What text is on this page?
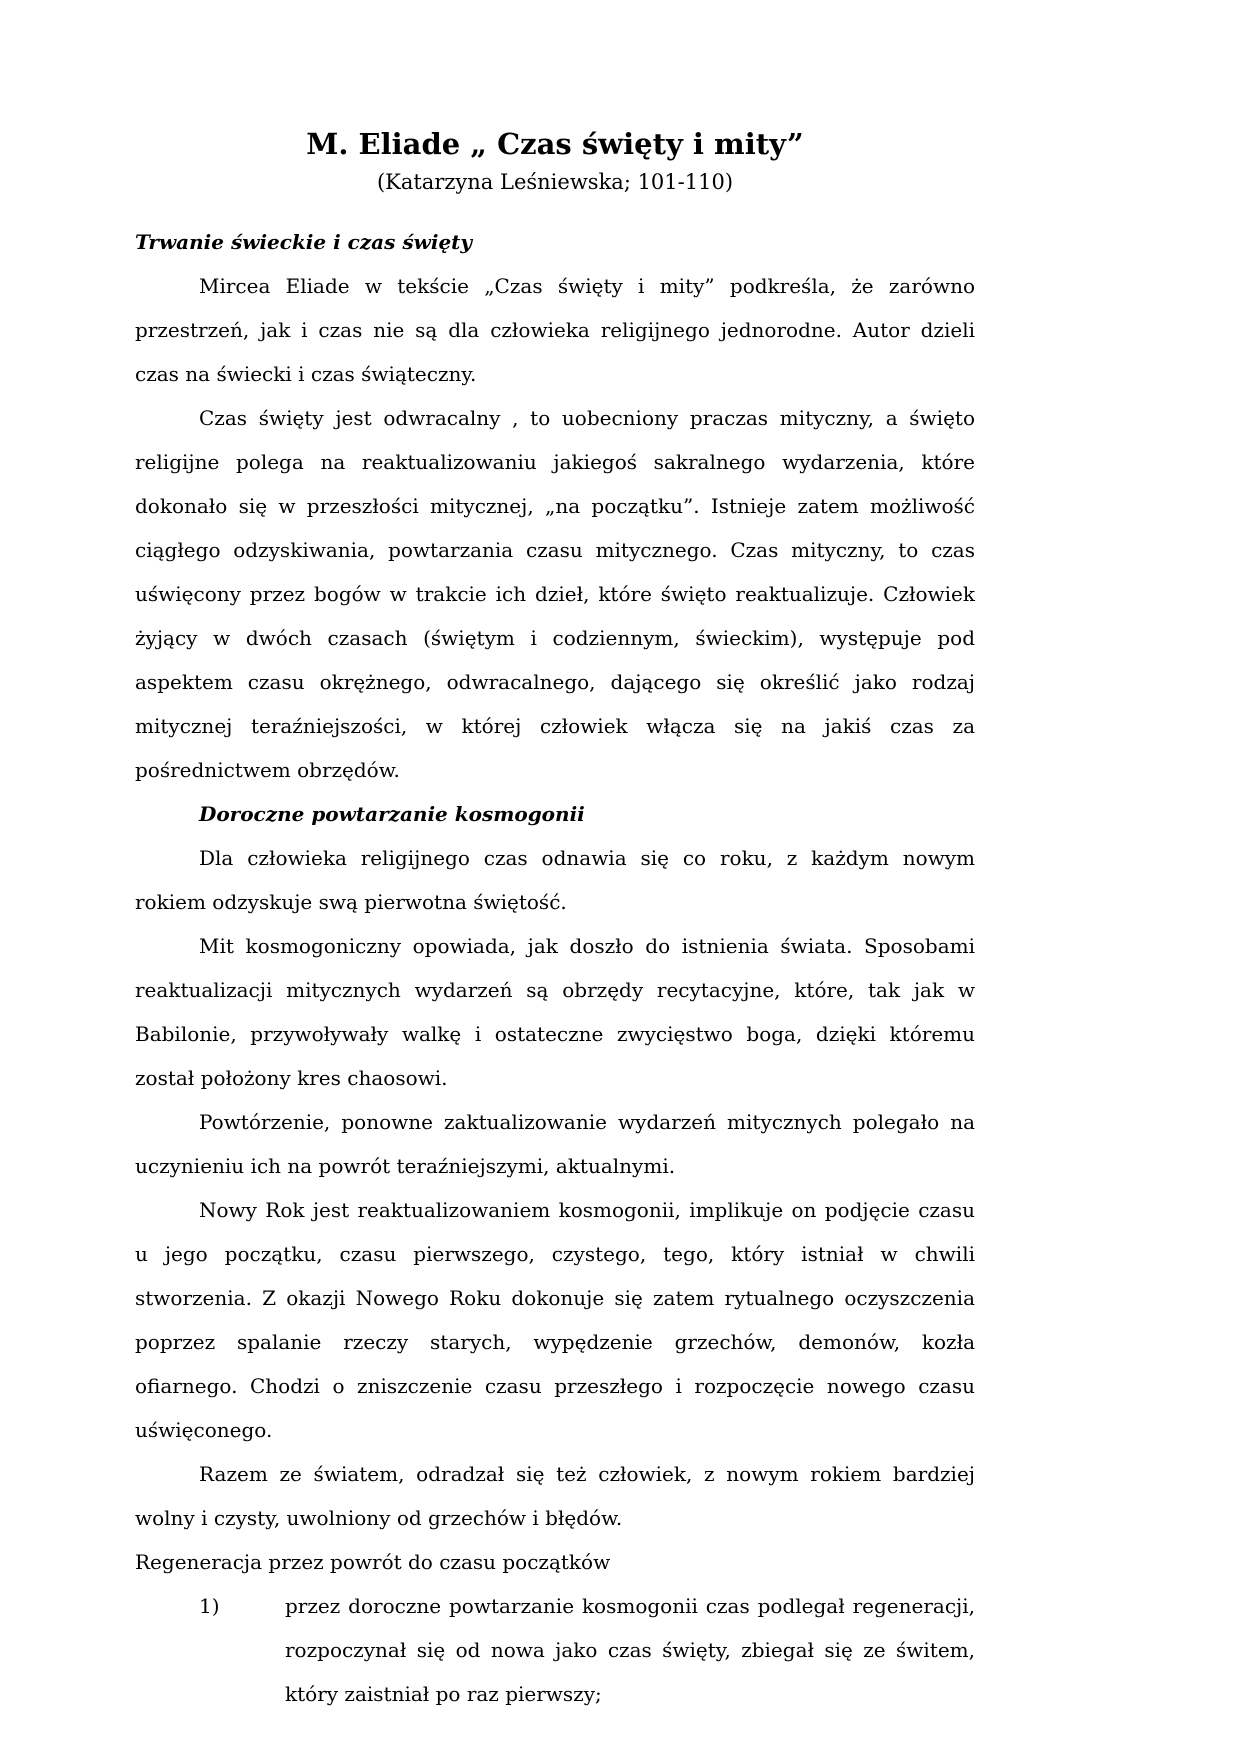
M. Eliade „ Czas święty i mity”
(Katarzyna Leśniewska; 101-110)
Trwanie świeckie i czas święty
Mircea Eliade w tekście „Czas święty i mity” podkreśla, że zarówno przestrzeń, jak i czas nie są dla człowieka religijnego jednorodne. Autor dzieli czas na świecki i czas świąteczny.
Czas święty jest odwracalny , to uobecniony praczas mityczny, a święto religijne polega na reaktualizowaniu jakiegoś sakralnego wydarzenia, które dokonało się w przeszłości mitycznej, „na początku”. Istnieje zatem możliwość ciągłego odzyskiwania, powtarzania czasu mitycznego. Czas mityczny, to czas uświęcony przez bogów w trakcie ich dzieł, które święto reaktualizuje. Człowiek żyjący w dwóch czasach (świętym i codziennym, świeckim), występuje pod aspektem czasu okrężnego, odwracalnego, dającego się określić jako rodzaj mitycznej teraźniejszości, w której człowiek włącza się na jakiś czas za pośrednictwem obrzędów.
Doroczne powtarzanie kosmogonii
Dla człowieka religijnego czas odnawia się co roku, z każdym nowym rokiem odzyskuje swą pierwotna świętość.
Mit kosmogoniczny opowiada, jak doszło do istnienia świata. Sposobami reaktualizacji mitycznych wydarzeń są obrzędy recytacyjne, które, tak jak w Babilonie, przywoływały walkę i ostateczne zwycięstwo boga, dzięki któremu został położony kres chaosowi.
Powtórzenie, ponowne zaktualizowanie wydarzeń mitycznych polegało na uczynieniu ich na powrót teraźniejszymi, aktualnymi.
Nowy Rok jest reaktualizowaniem kosmogonii, implikuje on podjęcie czasu u jego początku, czasu pierwszego, czystego, tego, który istniał w chwili stworzenia. Z okazji Nowego Roku dokonuje się zatem rytualnego oczyszczenia poprzez spalanie rzeczy starych, wypędzenie grzechów, demonów, kozła ofiarnego. Chodzi o zniszczenie czasu przeszłego i rozpoczęcie nowego czasu uświęconego.
Razem ze światem, odradzał się też człowiek, z nowym rokiem bardziej wolny i czysty, uwolniony od grzechów i błędów.
Regeneracja przez powrót do czasu początków
1)	przez doroczne powtarzanie kosmogonii czas podlegał regeneracji, rozpoczynał się od nowa jako czas święty, zbiegał się ze świtem, który zaistniał po raz pierwszy;
